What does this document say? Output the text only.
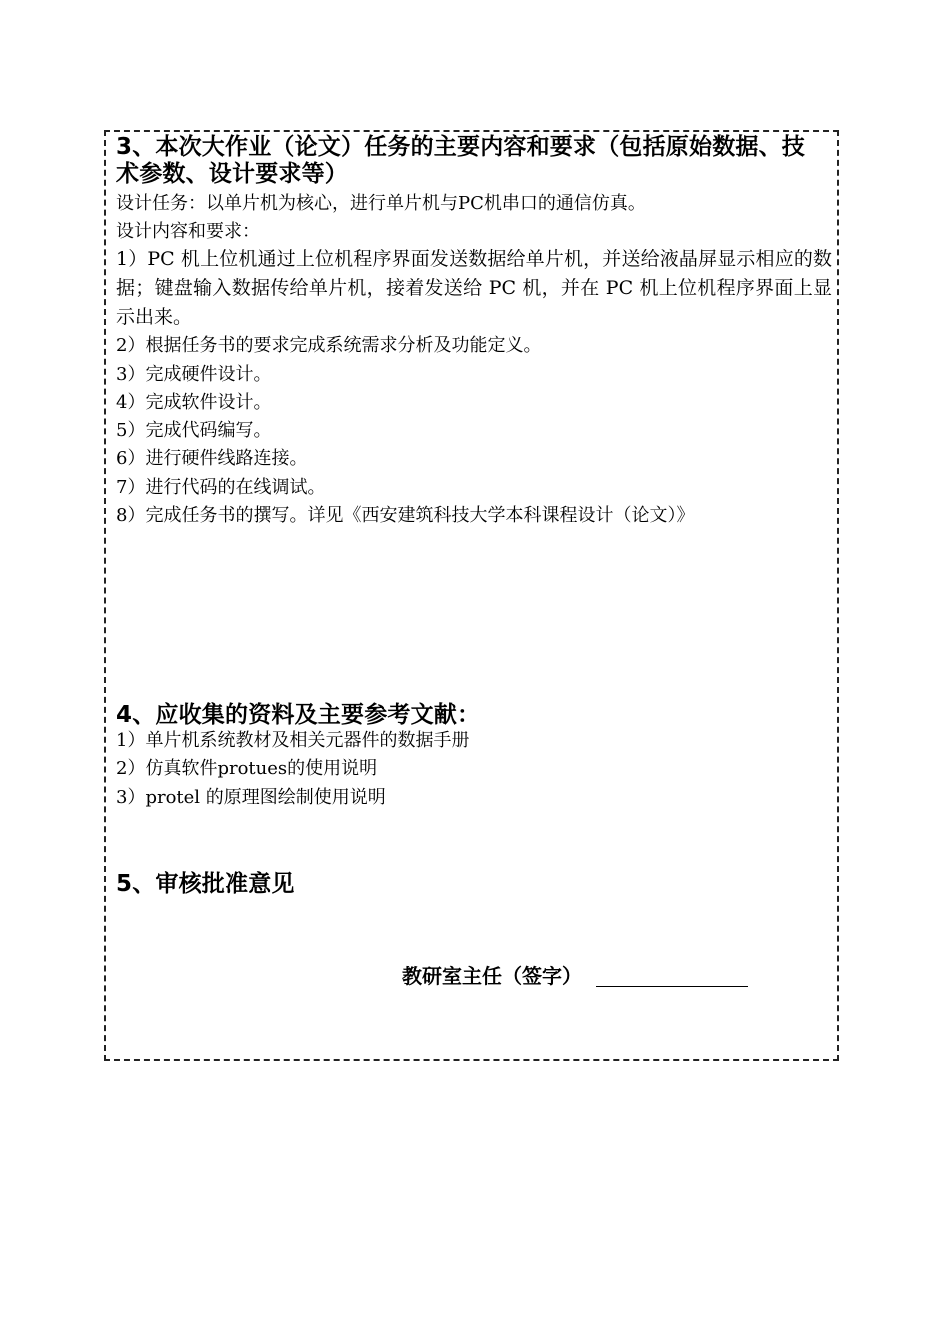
3、本次大作业（论文）任务的主要内容和要求（包括原始数据、技术参数、设计要求等）
设计任务：以单片机为核心，进行单片机与PC机串口的通信仿真。
设计内容和要求：
1）PC 机上位机通过上位机程序界面发送数据给单片机，并送给液晶屏显示相应的数据；键盘输入数据传给单片机，接着发送给 PC 机，并在 PC 机上位机程序界面上显示出来。
2）根据任务书的要求完成系统需求分析及功能定义。
3）完成硬件设计。
4）完成软件设计。
5）完成代码编写。
6）进行硬件线路连接。
7）进行代码的在线调试。
8）完成任务书的撰写。详见《西安建筑科技大学本科课程设计（论文）》
4、应收集的资料及主要参考文献：
1）单片机系统教材及相关元器件的数据手册
2）仿真软件protues的使用说明
3）protel 的原理图绘制使用说明
5、审核批准意见
教研室主任（签字）
